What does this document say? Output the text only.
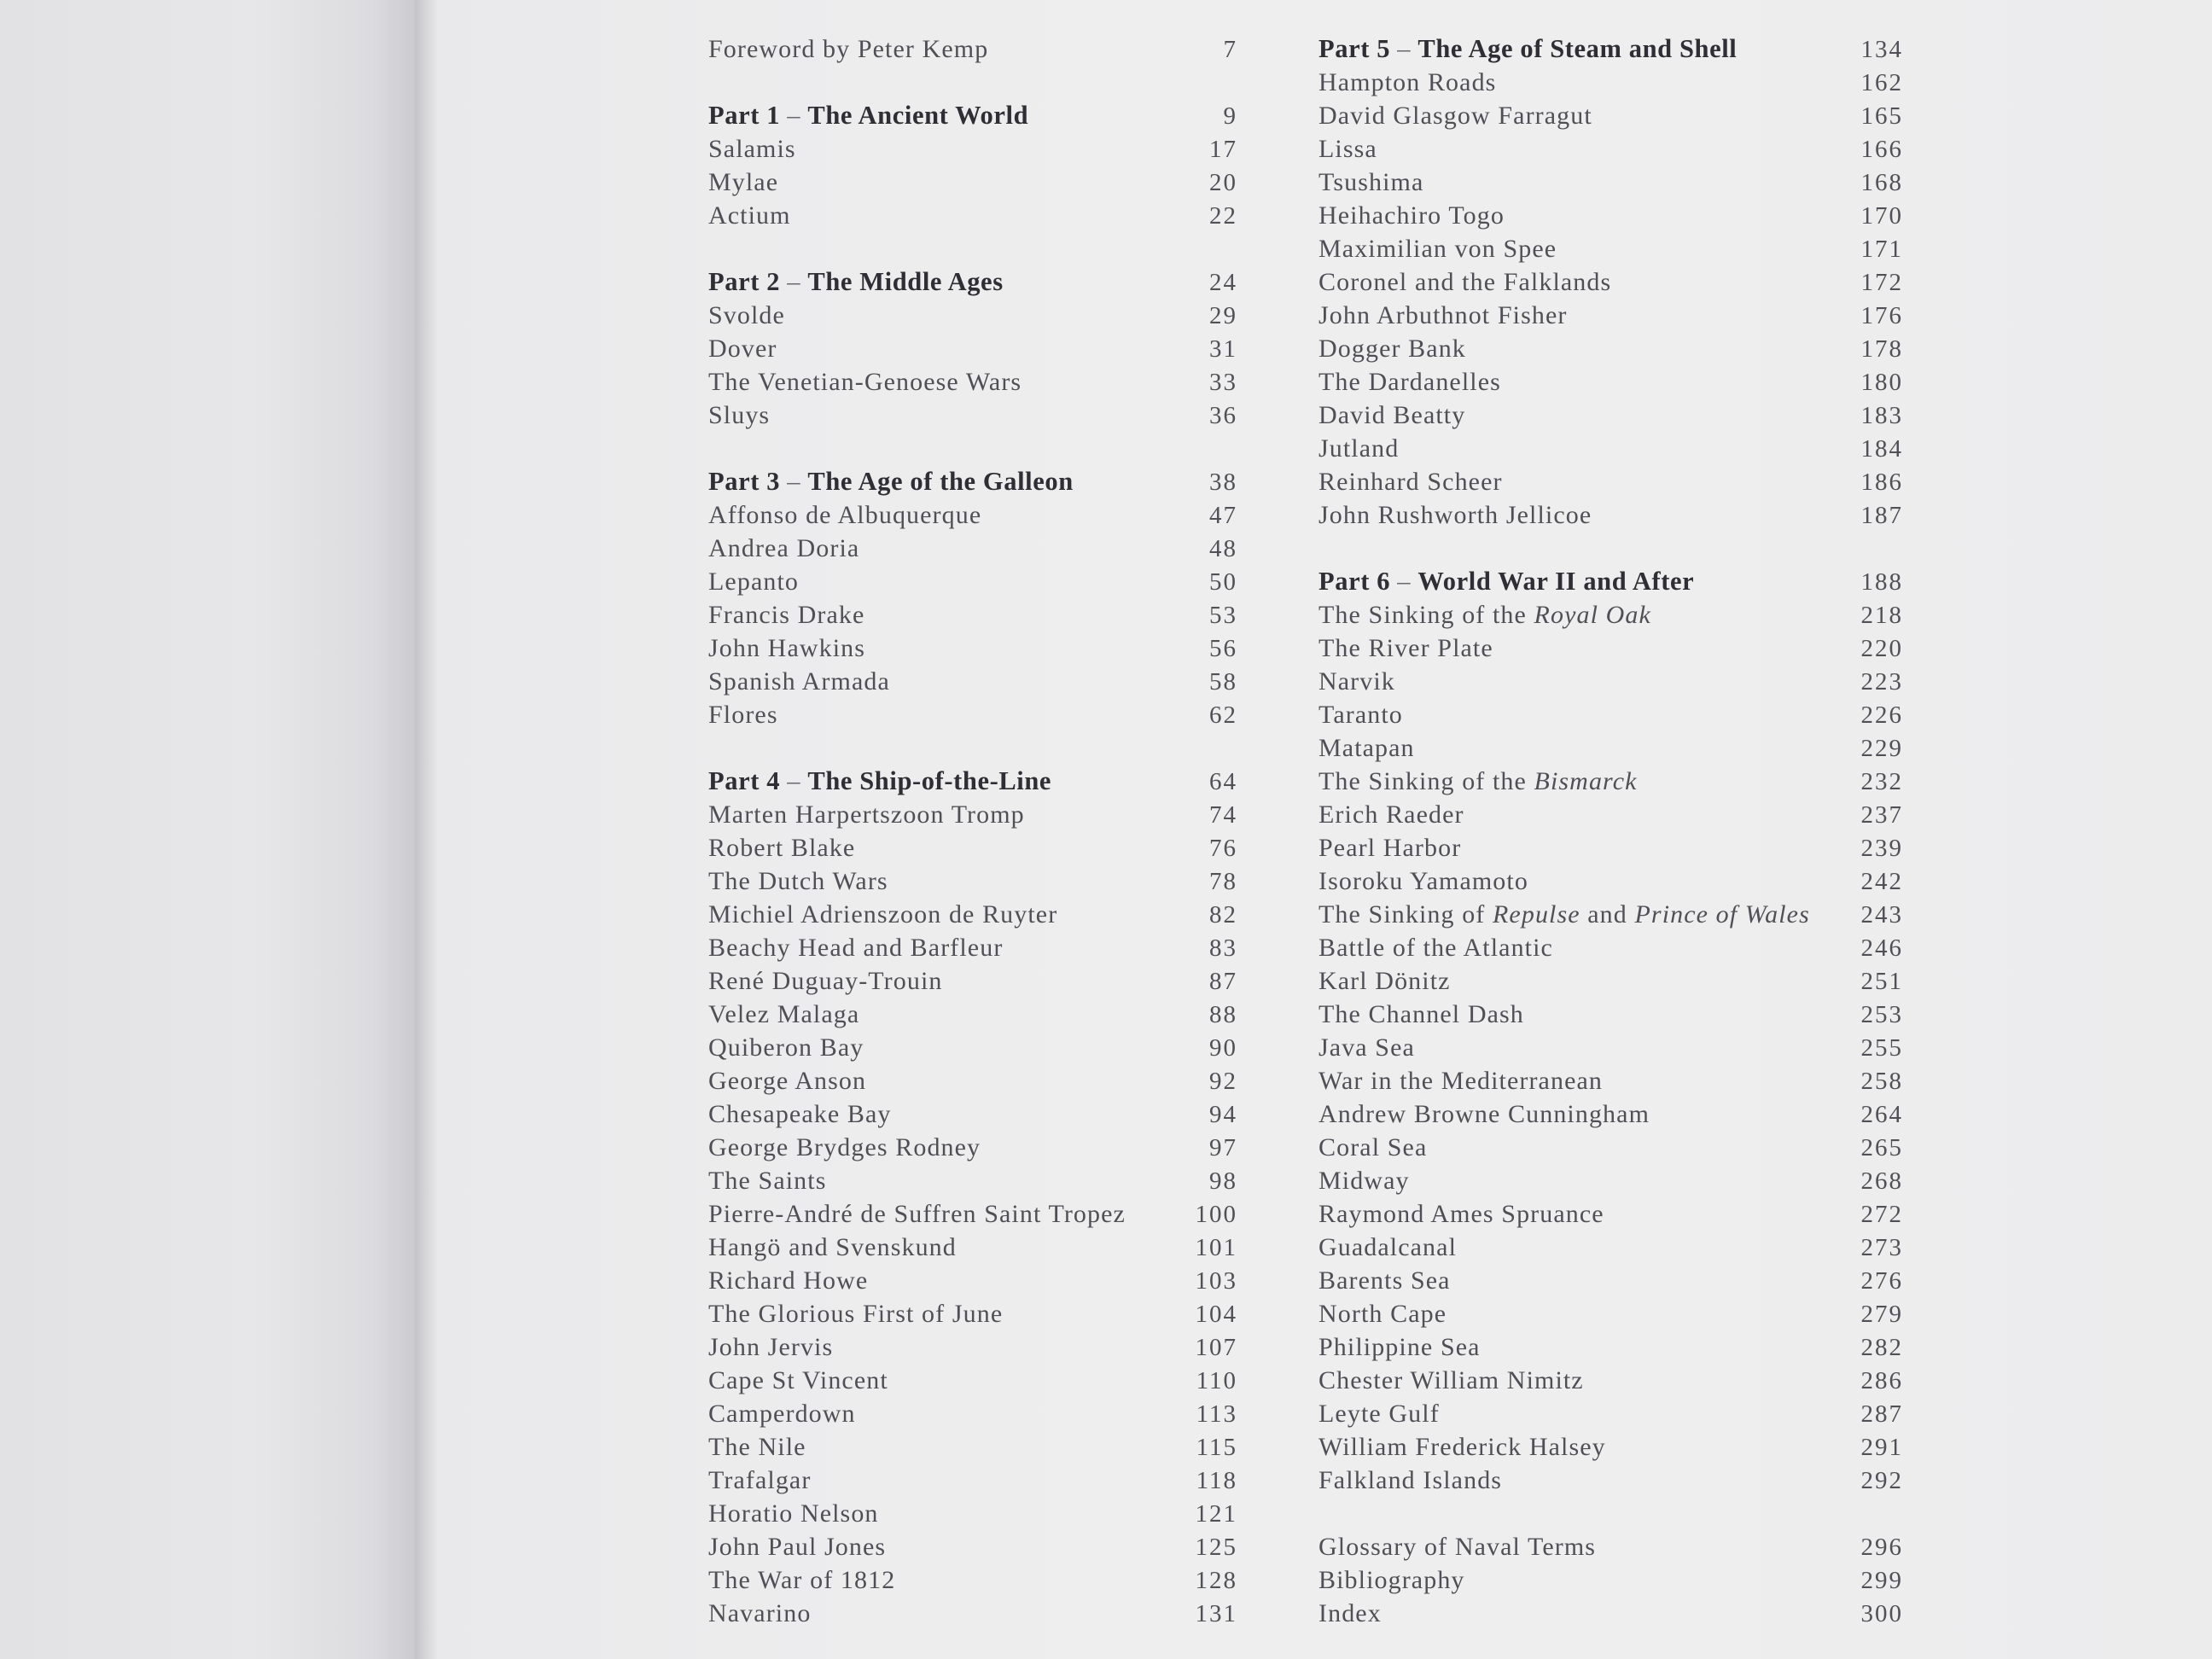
Foreword by Peter Kemp	7
Part 1 – The Ancient World	9
Salamis	17
Mylae	20
Actium	22
Part 2 – The Middle Ages	24
Svolde	29
Dover	31
The Venetian-Genoese Wars	33
Sluys	36
Part 3 – The Age of the Galleon	38
Affonso de Albuquerque	47
Andrea Doria	48
Lepanto	50
Francis Drake	53
John Hawkins	56
Spanish Armada	58
Flores	62
Part 4 – The Ship-of-the-Line	64
Marten Harpertszoon Tromp	74
Robert Blake	76
The Dutch Wars	78
Michiel Adrienszoon de Ruyter	82
Beachy Head and Barfleur	83
René Duguay-Trouin	87
Velez Malaga	88
Quiberon Bay	90
George Anson	92
Chesapeake Bay	94
George Brydges Rodney	97
The Saints	98
Pierre-André de Suffren Saint Tropez	100
Hangö and Svenskund	101
Richard Howe	103
The Glorious First of June	104
John Jervis	107
Cape St Vincent	110
Camperdown	113
The Nile	115
Trafalgar	118
Horatio Nelson	121
John Paul Jones	125
The War of 1812	128
Navarino	131
Part 5 – The Age of Steam and Shell	134
Hampton Roads	162
David Glasgow Farragut	165
Lissa	166
Tsushima	168
Heihachiro Togo	170
Maximilian von Spee	171
Coronel and the Falklands	172
John Arbuthnot Fisher	176
Dogger Bank	178
The Dardanelles	180
David Beatty	183
Jutland	184
Reinhard Scheer	186
John Rushworth Jellicoe	187
Part 6 – World War II and After	188
The Sinking of the Royal Oak	218
The River Plate	220
Narvik	223
Taranto	226
Matapan	229
The Sinking of the Bismarck	232
Erich Raeder	237
Pearl Harbor	239
Isoroku Yamamoto	242
The Sinking of Repulse and Prince of Wales 243
Battle of the Atlantic	246
Karl Dönitz	251
The Channel Dash	253
Java Sea	255
War in the Mediterranean	258
Andrew Browne Cunningham	264
Coral Sea	265
Midway	268
Raymond Ames Spruance	272
Guadalcanal	273
Barents Sea	276
North Cape	279
Philippine Sea	282
Chester William Nimitz	286
Leyte Gulf	287
William Frederick Halsey	291
Falkland Islands	292
Glossary of Naval Terms	296
Bibliography	299
Index	300
